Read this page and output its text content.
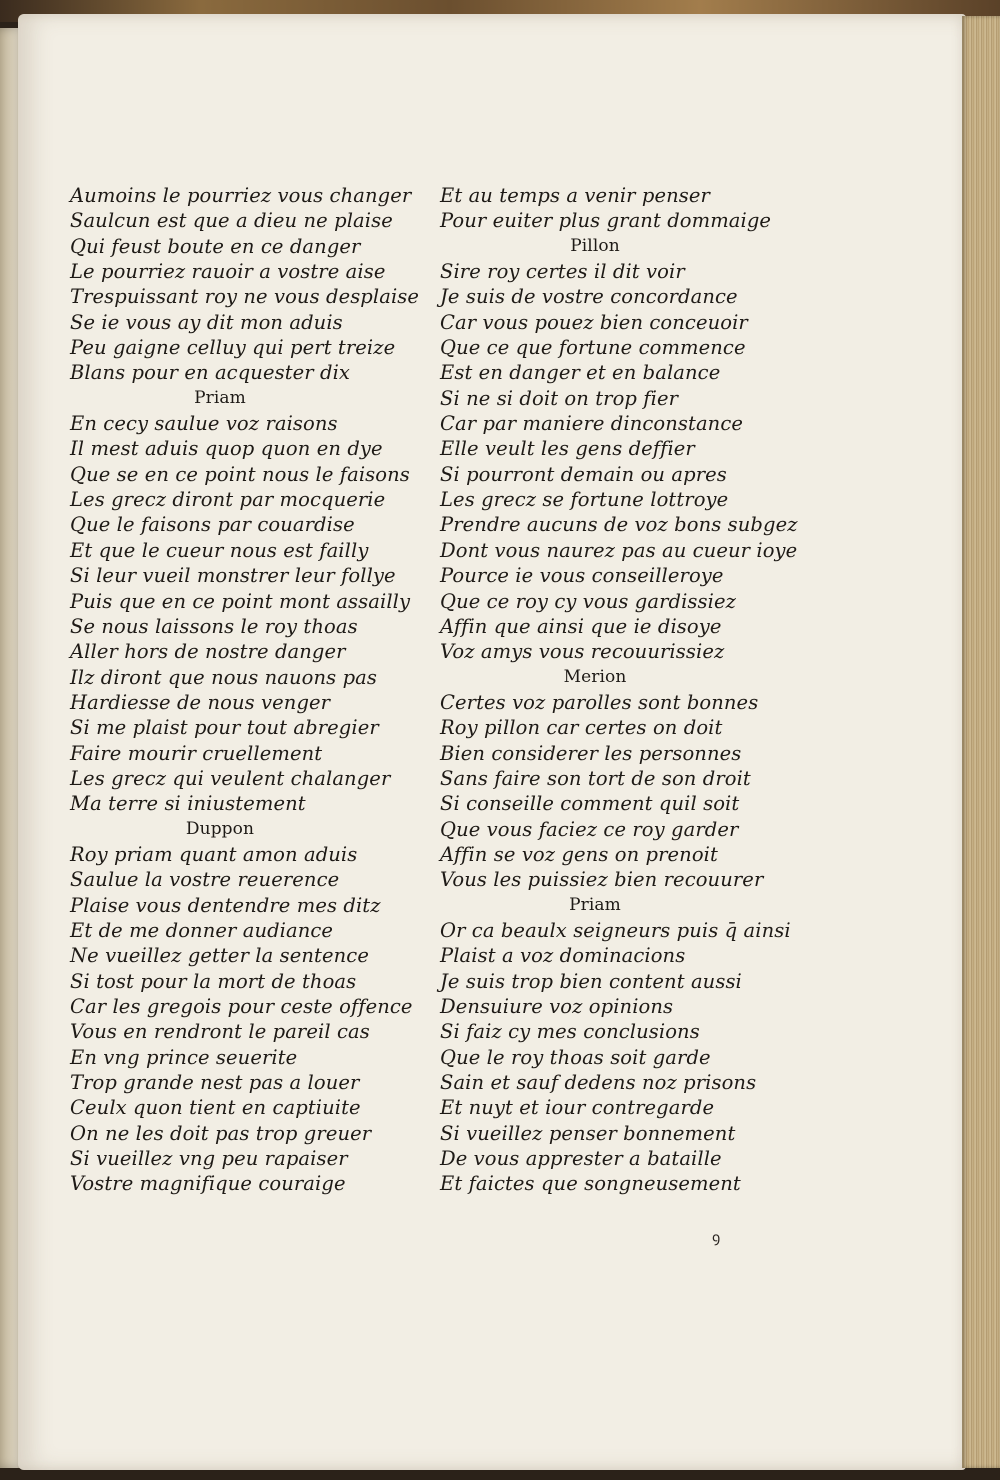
Aumoins le pourriez vous changer
Saulcun est que a dieu ne plaise
Qui feust boute en ce danger
Le pourriez rauoir a vostre aise
Trespuissant roy ne vous desplaise
Se ie vous ay dit mon aduis
Peu gaigne celluy qui pert treize
Blans pour en acquester dix
Priam
En cecy saulue voz raisons
Il mest aduis quop quon en dye
Que se en ce point nous le faisons
Les grecz diront par mocquerie
Que le faisons par couardise
Et que le cueur nous est failly
Si leur vueil monstrer leur follye
Puis que en ce point mont assailly
Se nous laissons le roy thoas
Aller hors de nostre danger
Ilz diront que nous nauons pas
Hardiesse de nous venger
Si me plaist pour tout abregier
Faire mourir cruellement
Les grecz qui veulent chalanger
Ma terre si iniustement
Duppon
Roy priam quant amon aduis
Saulue la vostre reuerence
Plaise vous dentendre mes ditz
Et de me donner audiance
Ne vueillez getter la sentence
Si tost pour la mort de thoas
Car les gregois pour ceste offence
Vous en rendront le pareil cas
En vng prince seuerite
Trop grande nest pas a louer
Ceulx quon tient en captiuite
On ne les doit pas trop greuer
Si vueillez vng peu rapaiser
Vostre magnifique couraige
Et au temps a venir penser
Pour euiter plus grant dommaige
Pillon
Sire roy certes il dit voir
Je suis de vostre concordance
Car vous pouez bien conceuoir
Que ce que fortune commence
Est en danger et en balance
Si ne si doit on trop fier
Car par maniere dinconstance
Elle veult les gens deffier
Si pourront demain ou apres
Les grecz se fortune lottroye
Prendre aucuns de voz bons subgez
Dont vous naurez pas au cueur ioye
Pource ie vous conseilleroye
Que ce roy cy vous gardissiez
Affin que ainsi que ie disoye
Voz amys vous recouurissiez
Merion
Certes voz parolles sont bonnes
Roy pillon car certes on doit
Bien considerer les personnes
Sans faire son tort de son droit
Si conseille comment quil soit
Que vous faciez ce roy garder
Affin se voz gens on prenoit
Vous les puissiez bien recouurer
Priam
Or ca beaulx seigneurs puis q̄ ainsi
Plaist a voz dominacions
Je suis trop bien content aussi
Densuiure voz opinions
Si faiz cy mes conclusions
Que le roy thoas soit garde
Sain et sauf dedens noz prisons
Et nuyt et iour contregarde
Si vueillez penser bonnement
De vous apprester a bataille
Et faictes que songneusement
ꝯ
